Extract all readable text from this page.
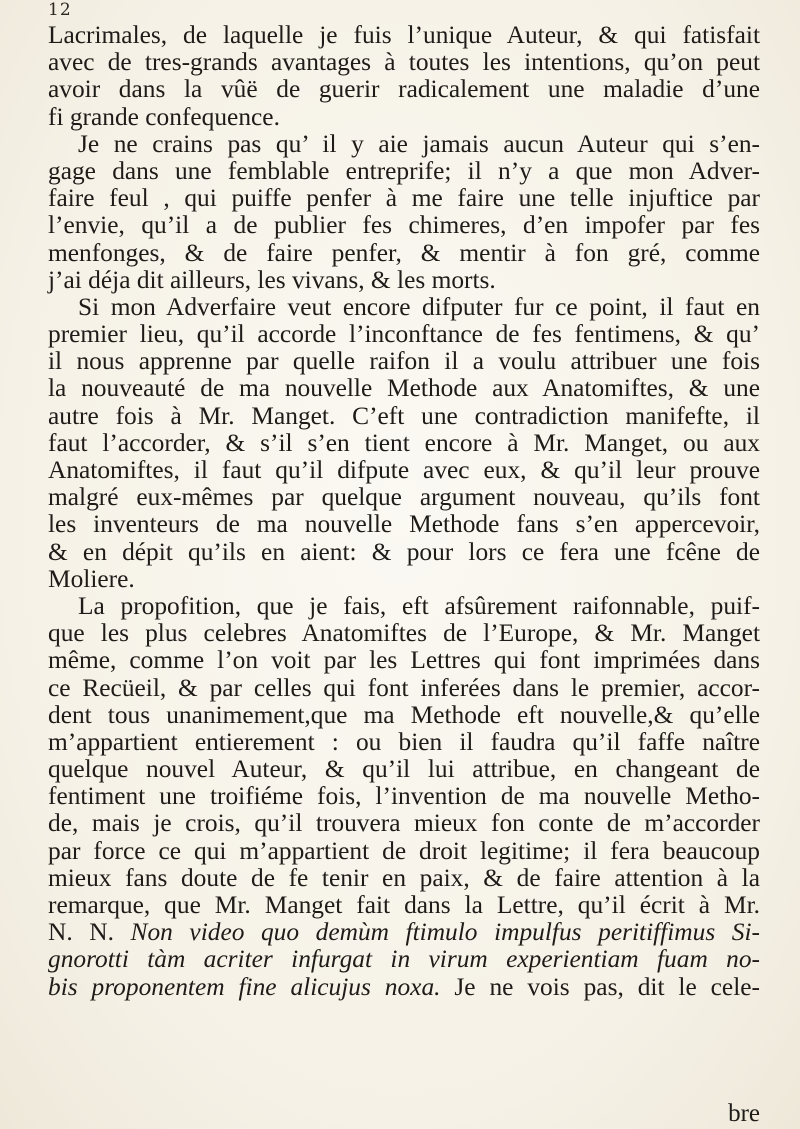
12
Lacrimales, de laquelle je fuis l’unique Auteur, & qui fatisfait
avec de tres-grands avantages à toutes les intentions, qu’on peut
avoir dans la vûë de guerir radicalement une maladie d’une
fi grande confequence.
Je ne crains pas qu’ il y aie jamais aucun Auteur qui s’en-
gage dans une femblable entreprife; il n’y a que mon Adver-
faire feul , qui puiffe penfer à me faire une telle injuftice par
l’envie, qu’il a de publier fes chimeres, d’en impofer par fes
menfonges, & de faire penfer, & mentir à fon gré, comme
j’ai déja dit ailleurs, les vivans, & les morts.
Si mon Adverfaire veut encore difputer fur ce point, il faut en
premier lieu, qu’il accorde l’inconftance de fes fentimens, & qu’
il nous apprenne par quelle raifon il a voulu attribuer une fois
la nouveauté de ma nouvelle Methode aux Anatomiftes, & une
autre fois à Mr. Manget. C’eft une contradiction manifefte, il
faut l’accorder, & s’il s’en tient encore à Mr. Manget, ou aux
Anatomiftes, il faut qu’il difpute avec eux, & qu’il leur prouve
malgré eux-mêmes par quelque argument nouveau, qu’ils font
les inventeurs de ma nouvelle Methode fans s’en appercevoir,
& en dépit qu’ils en aient: & pour lors ce fera une fcêne de
Moliere.
La propofition, que je fais, eft afsûrement raifonnable, puif-
que les plus celebres Anatomiftes de l’Europe, & Mr. Manget
même, comme l’on voit par les Lettres qui font imprimées dans
ce Recüeil, & par celles qui font inferées dans le premier, accor-
dent tous unanimement,que ma Methode eft nouvelle,& qu’elle
m’appartient entierement : ou bien il faudra qu’il faffe naître
quelque nouvel Auteur, & qu’il lui attribue, en changeant de
fentiment une troifiéme fois, l’invention de ma nouvelle Metho-
de, mais je crois, qu’il trouvera mieux fon conte de m’accorder
par force ce qui m’appartient de droit legitime; il fera beaucoup
mieux fans doute de fe tenir en paix, & de faire attention à la
remarque, que Mr. Manget fait dans la Lettre, qu’il écrit à Mr.
N. N. Non video quo demùm ftimulo impulfus peritiffimus Si-
gnorotti tàm acriter infurgat in virum experientiam fuam no-
bis proponentem fine alicujus noxa. Je ne vois pas, dit le cele-
bre
